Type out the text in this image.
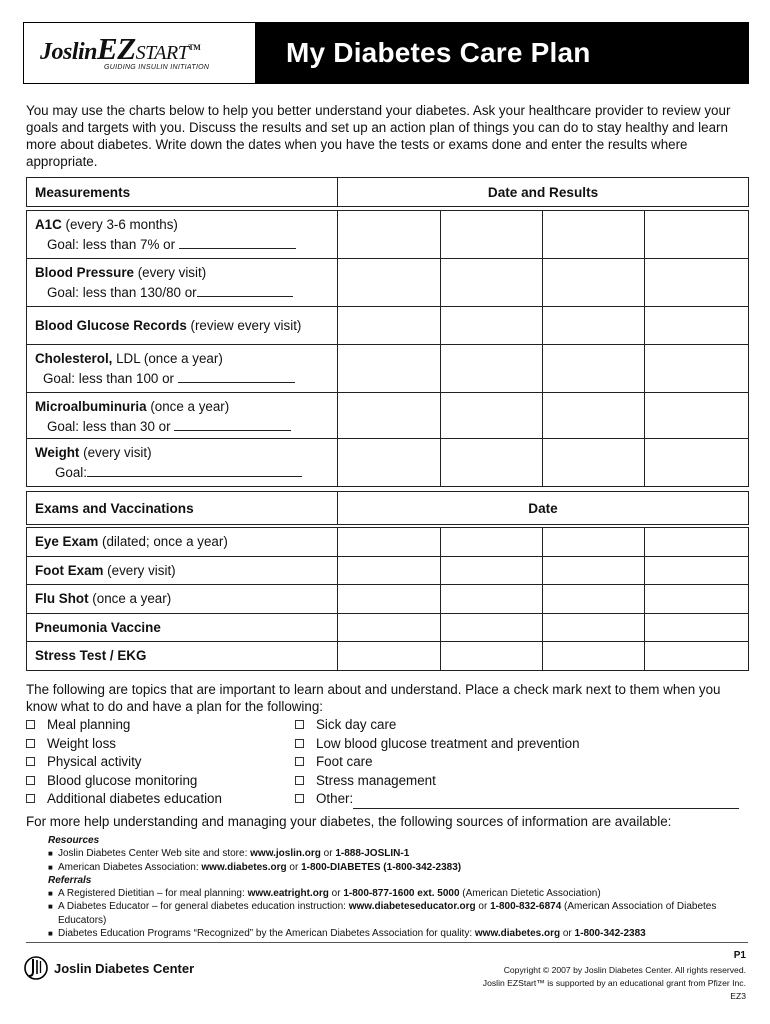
JoslinEZSTART™
GUIDING INSULIN INITIATION	My Diabetes Care Plan

You may use the charts below to help you better understand your diabetes. Ask your healthcare provider to review your goals and targets with you. Discuss the results and set up an action plan of things you can do to stay healthy and learn more about diabetes. Write down the dates when you have the tests or exams done and enter the results where appropriate.

Measurements	Date and Results			

A1C (every 3-6 months)
Goal: less than 7% or				

Blood Pressure (every visit)
Goal: less than 130/80 or				

Blood Glucose Records (review every visit)				

Cholesterol, LDL (once a year)
Goal: less than 100 or				

Microalbuminuria (once a year)
Goal: less than 30 or				

Weight (every visit)
Goal:				

Exams and Vaccinations	Date			

Eye Exam (dilated; once a year)				
Foot Exam (every visit)				
Flu Shot (once a year)				
Pneumonia Vaccine				
Stress Test / EKG				

The following are topics that are important to learn about and understand. Place a check mark next to them when you know what to do and have a plan for the following:

Meal planning
Weight loss
Physical activity
Blood glucose monitoring
Additional diabetes education
Sick day care
Low blood glucose treatment and prevention
Foot care
Stress management
Other:

For more help understanding and managing your diabetes, the following sources of information are available:

Resources
■ Joslin Diabetes Center Web site and store: www.joslin.org or 1-888-JOSLIN-1
■ American Diabetes Association: www.diabetes.org or 1-800-DIABETES (1-800-342-2383)
Referrals
■ A Registered Dietitian – for meal planning: www.eatright.org or 1-800-877-1600 ext. 5000 (American Dietetic Association)
■ A Diabetes Educator – for general diabetes education instruction: www.diabeteseducator.org or 1-800-832-6874 (American Association of Diabetes Educators)
■ Diabetes Education Programs “Recognized” by the American Diabetes Association for quality: www.diabetes.org or 1-800-342-2383
Joslin Diabetes Center
P1
Copyright © 2007 by Joslin Diabetes Center. All rights reserved.
Joslin EZStart™ is supported by an educational grant from Pfizer Inc.
EZ3
